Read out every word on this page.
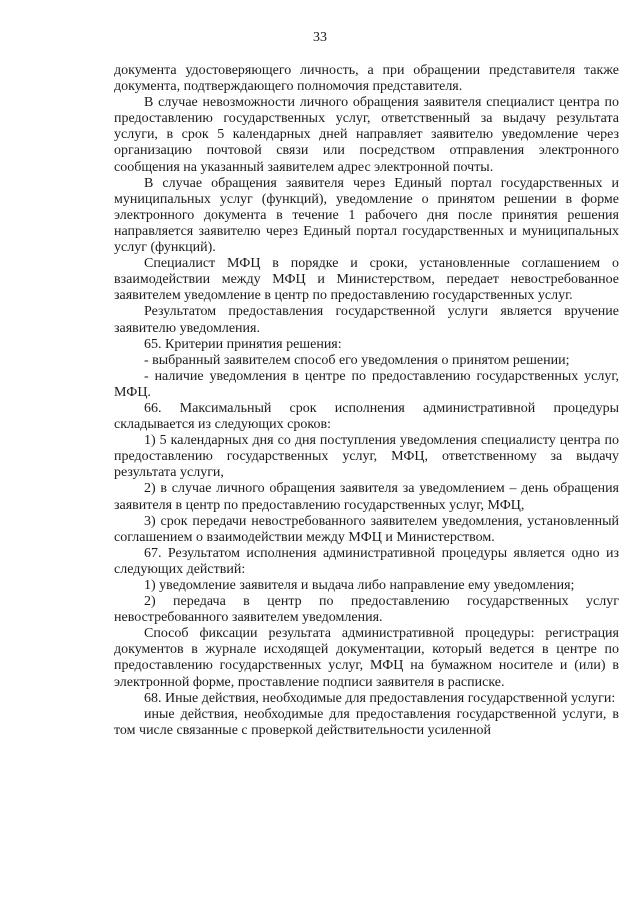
33

документа удостоверяющего личность, а при обращении представителя также документа, подтверждающего полномочия представителя.

В случае невозможности личного обращения заявителя специалист центра по предоставлению государственных услуг, ответственный за выдачу результата услуги, в срок 5 календарных дней направляет заявителю уведомление через организацию почтовой связи или посредством отправления электронного сообщения на указанный заявителем адрес электронной почты.

В случае обращения заявителя через Единый портал государственных и муниципальных услуг (функций), уведомление о принятом решении в форме электронного документа в течение 1 рабочего дня после принятия решения направляется заявителю через Единый портал государственных и муниципальных услуг (функций).

Специалист МФЦ в порядке и сроки, установленные соглашением о взаимодействии между МФЦ и Министерством, передает невостребованное заявителем уведомление в центр по предоставлению государственных услуг.

Результатом предоставления государственной услуги является вручение заявителю уведомления.

65. Критерии принятия решения:

- выбранный заявителем способ его уведомления о принятом решении;

- наличие уведомления в центре по предоставлению государственных услуг, МФЦ.

66. Максимальный срок исполнения административной процедуры складывается из следующих сроков:

1) 5 календарных дня со дня поступления уведомления специалисту центра по предоставлению государственных услуг, МФЦ, ответственному за выдачу результата услуги,

2) в случае личного обращения заявителя за уведомлением – день обращения заявителя в центр по предоставлению государственных услуг, МФЦ,

3) срок передачи невостребованного заявителем уведомления, установленный соглашением о взаимодействии между МФЦ и Министерством.

67. Результатом исполнения административной процедуры является одно из следующих действий:

1) уведомление заявителя и выдача либо направление ему уведомления;

2) передача в центр по предоставлению государственных услуг невостребованного заявителем уведомления.

Способ фиксации результата административной процедуры: регистрация документов в журнале исходящей документации, который ведется в центре по предоставлению государственных услуг, МФЦ на бумажном носителе и (или) в электронной форме, проставление подписи заявителя в расписке.

68. Иные действия, необходимые для предоставления государственной услуги:

иные действия, необходимые для предоставления государственной услуги, в том числе связанные с проверкой действительности усиленной
